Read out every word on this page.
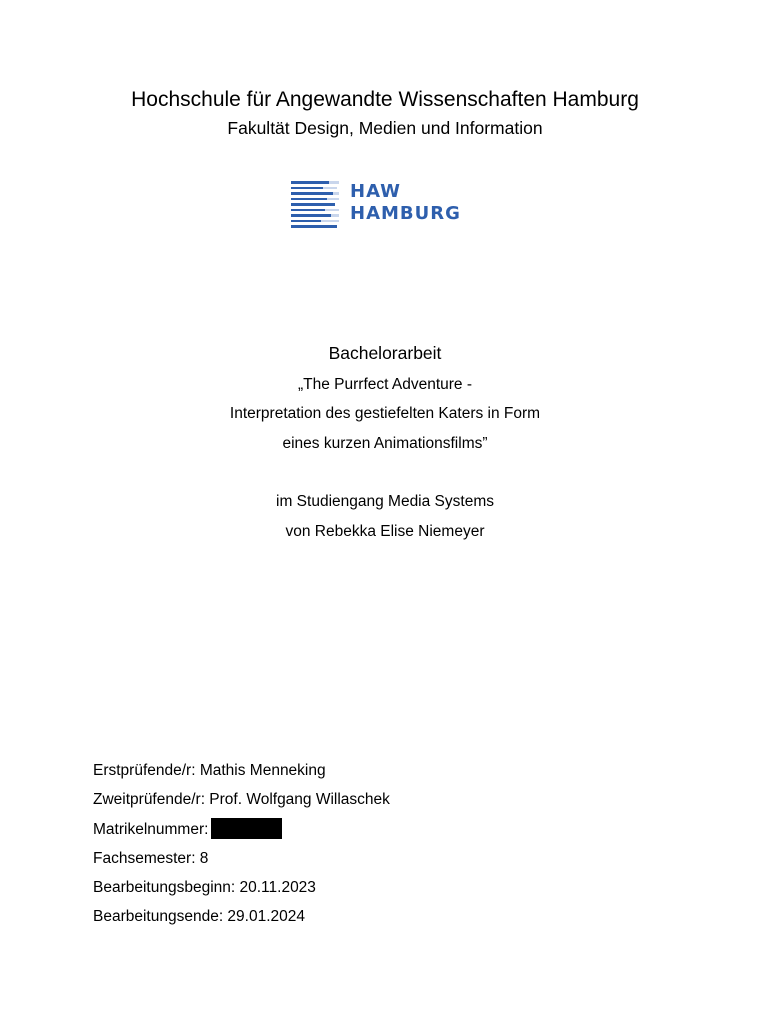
Hochschule für Angewandte Wissenschaften Hamburg
Fakultät Design, Medien und Information
HAW
HAMBURG
Bachelorarbeit
„The Purrfect Adventure -
Interpretation des gestiefelten Katers in Form
eines kurzen Animationsfilms”
im Studiengang Media Systems
von Rebekka Elise Niemeyer
Erstprüfende/r: Mathis Menneking
Zweitprüfende/r: Prof. Wolfgang Willaschek
Matrikelnummer:
Fachsemester: 8
Bearbeitungsbeginn: 20.11.2023
Bearbeitungsende: 29.01.2024
